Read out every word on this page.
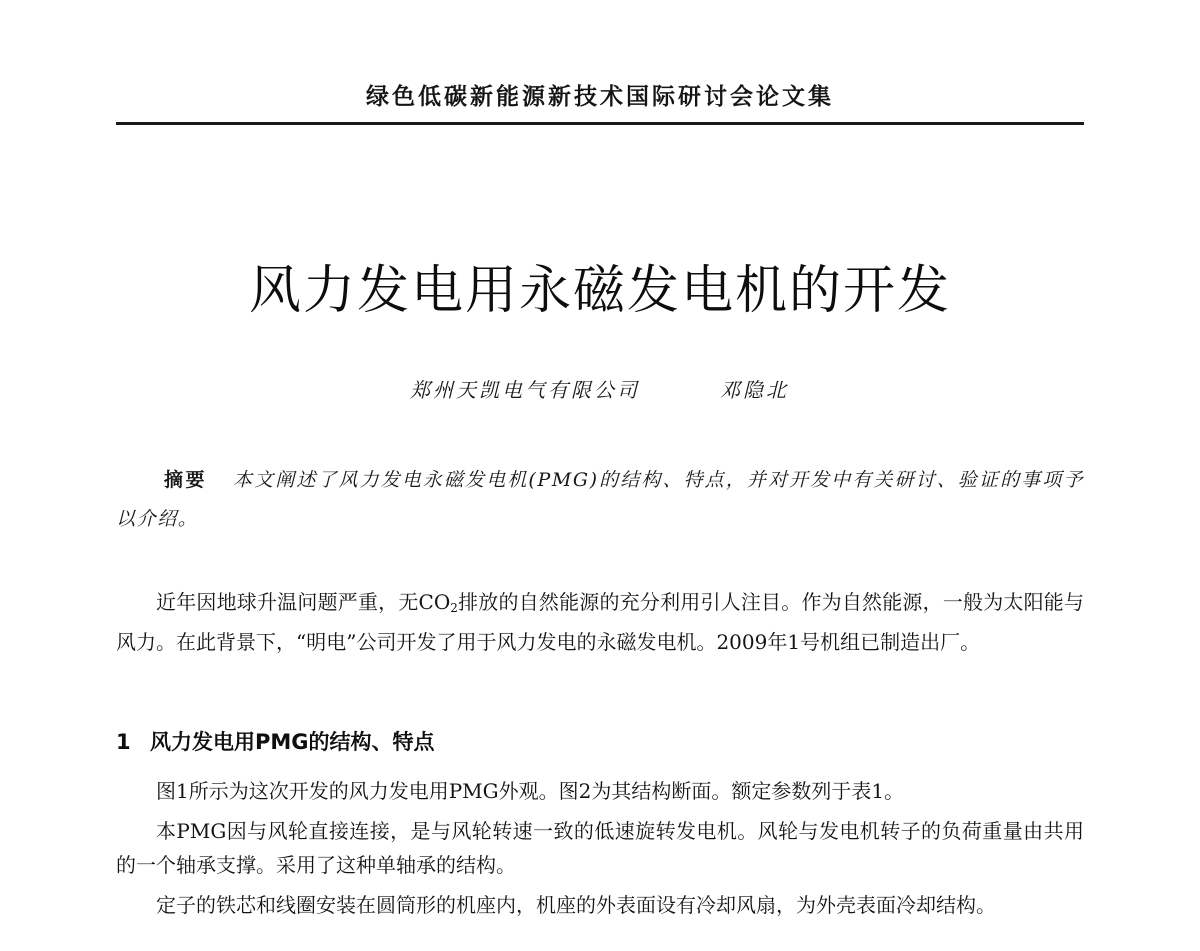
绿色低碳新能源新技术国际研讨会论文集
风力发电用永磁发电机的开发
郑州天凯电气有限公司	邓隐北
摘要 本文阐述了风力发电永磁发电机(PMG)的结构、特点，并对开发中有关研讨、验证的事项予以介绍。

近年因地球升温问题严重，无$CO_2$排放的自然能源的充分利用引人注目。作为自然能源，一般为太阳能与风力。在此背景下，“明电”公司开发了用于风力发电的永磁发电机。2009年1号机组已制造出厂。

1 风力发电用PMG的结构、特点

图1所示为这次开发的风力发电用PMG外观。图2为其结构断面。额定参数列于表1。

本PMG因与风轮直接连接，是与风轮转速一致的低速旋转发电机。风轮与发电机转子的负荷重量由共用的一个轴承支撑。采用了这种单轴承的结构。

定子的铁芯和线圈安装在圆筒形的机座内，机座的外表面设有冷却风扇，为外壳表面冷却结构。
